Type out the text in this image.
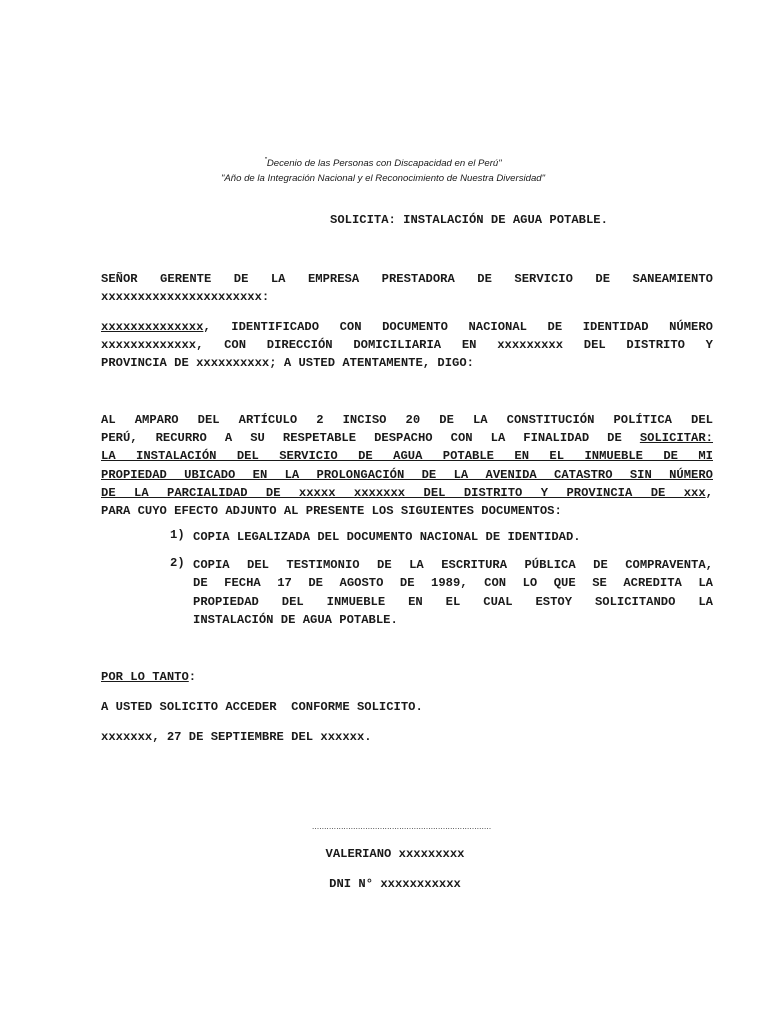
"Decenio de las Personas con Discapacidad en el Perú"
"Año de la Integración Nacional y el Reconocimiento de Nuestra Diversidad"
SOLICITA: INSTALACIÓN DE AGUA POTABLE.
SEÑOR GERENTE DE LA EMPRESA PRESTADORA DE SERVICIO DE SANEAMIENTO
xxxxxxxxxxxxxxxxxxxxxx:
xxxxxxxxxxxxxx, IDENTIFICADO CON DOCUMENTO NACIONAL DE IDENTIDAD NÚMERO
xxxxxxxxxxxxx, CON DIRECCIÓN DOMICILIARIA EN xxxxxxxxx DEL DISTRITO Y
PROVINCIA DE xxxxxxxxxx; A USTED ATENTAMENTE, DIGO:
AL AMPARO DEL ARTÍCULO 2 INCISO 20 DE LA CONSTITUCIÓN POLÍTICA DEL
PERÚ, RECURRO A SU RESPETABLE DESPACHO CON LA FINALIDAD DE SOLICITAR:
LA INSTALACIÓN DEL SERVICIO DE AGUA POTABLE EN EL INMUEBLE DE MI
PROPIEDAD UBICADO EN LA PROLONGACIÓN DE LA AVENIDA CATASTRO SIN NÚMERO
DE LA PARCIALIDAD DE xxxxx xxxxxxx DEL DISTRITO Y PROVINCIA DE xxx,
PARA CUYO EFECTO ADJUNTO AL PRESENTE LOS SIGUIENTES DOCUMENTOS:
1) COPIA LEGALIZADA DEL DOCUMENTO NACIONAL DE IDENTIDAD.
2) COPIA DEL TESTIMONIO DE LA ESCRITURA PÚBLICA DE COMPRAVENTA,
DE FECHA 17 DE AGOSTO DE 1989, CON LO QUE SE ACREDITA LA
PROPIEDAD DEL INMUEBLE EN EL CUAL ESTOY SOLICITANDO LA
INSTALACIÓN DE AGUA POTABLE.
POR LO TANTO:
A USTED SOLICITO ACCEDER  CONFORME SOLICITO.
xxxxxxx, 27 DE SEPTIEMBRE DEL xxxxxx.
..........................................................................
VALERIANO xxxxxxxxx
DNI N° xxxxxxxxxxx
